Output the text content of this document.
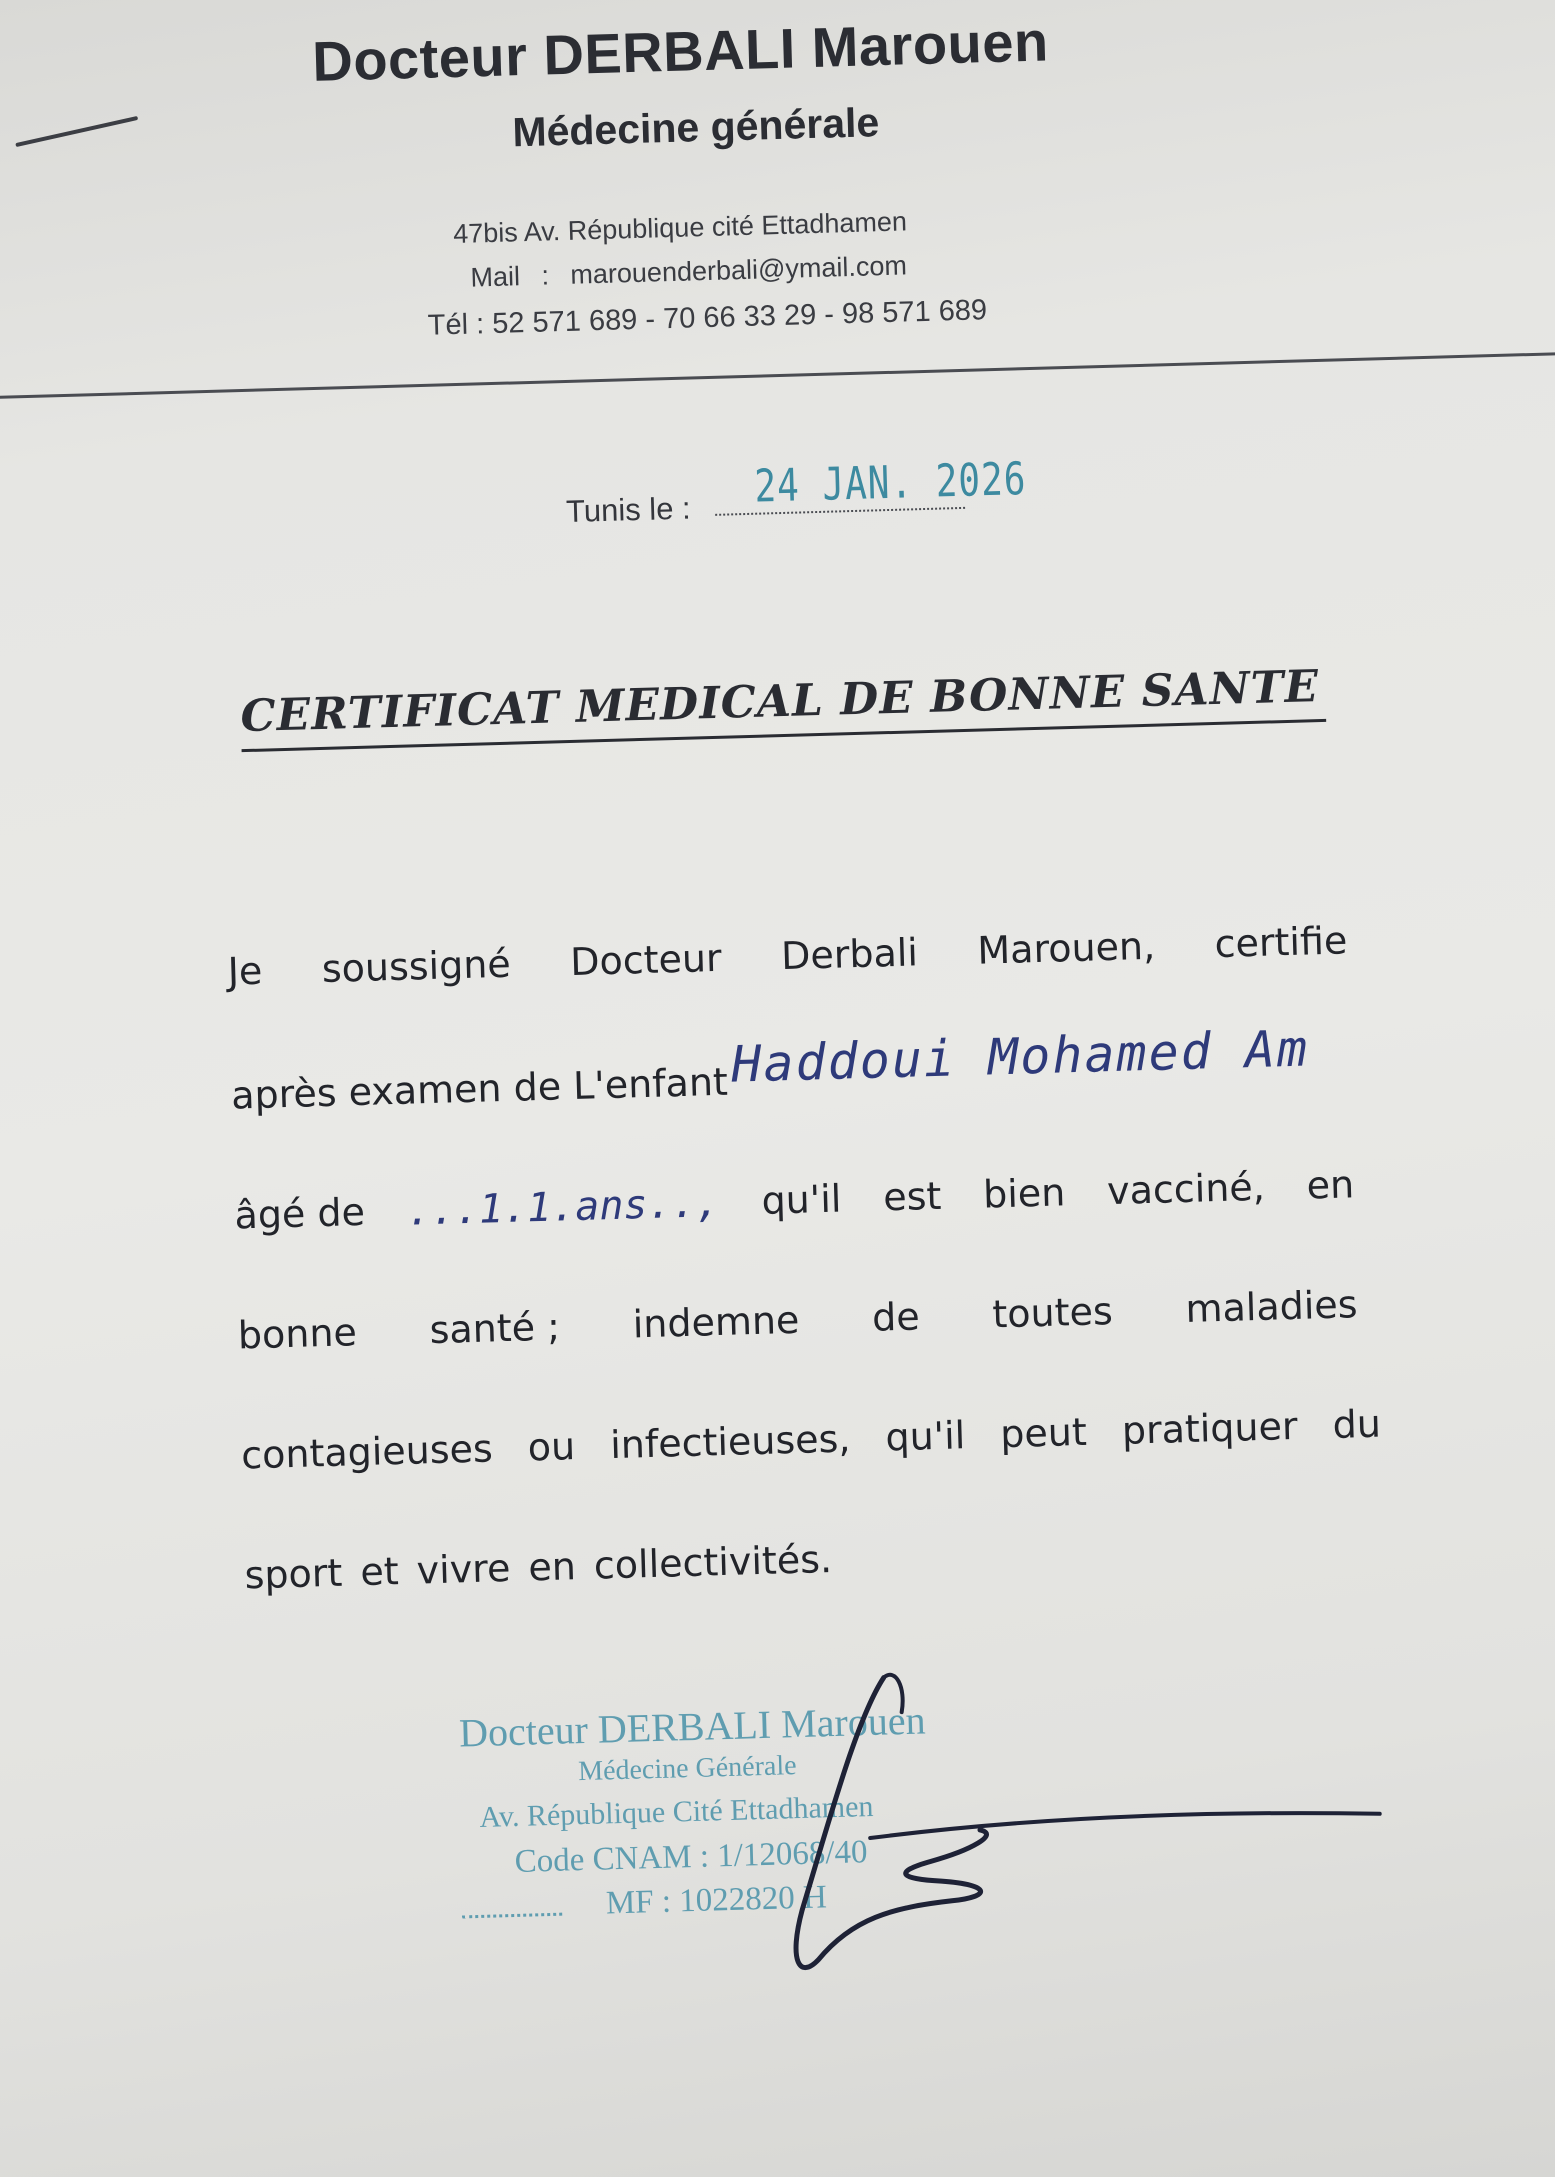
Docteur DERBALI Marouen
Médecine générale
47bis Av. République cité Ettadhamen
Mail : marouenderbali@ymail.com
Tél : 52 571 689 - 70 66 33 29 - 98 571 689
Tunis le : 24 JAN. 2026
CERTIFICAT MEDICAL DE BONNE SANTE
Je soussigné Docteur Derbali Marouen, certifie
après examen de L'enfant Haddoui Mohamed Am
âgé de ...1.1.ans.., qu'il est bien vacciné, en
bonne santé ; indemne de toutes maladies
contagieuses ou infectieuses, qu'il peut pratiquer du
sport et vivre en collectivités.
Docteur DERBALI Marouen
Médecine Générale
Av. République Cité Ettadhamen
Code CNAM : 1/12068/40
MF : 1022820 H
